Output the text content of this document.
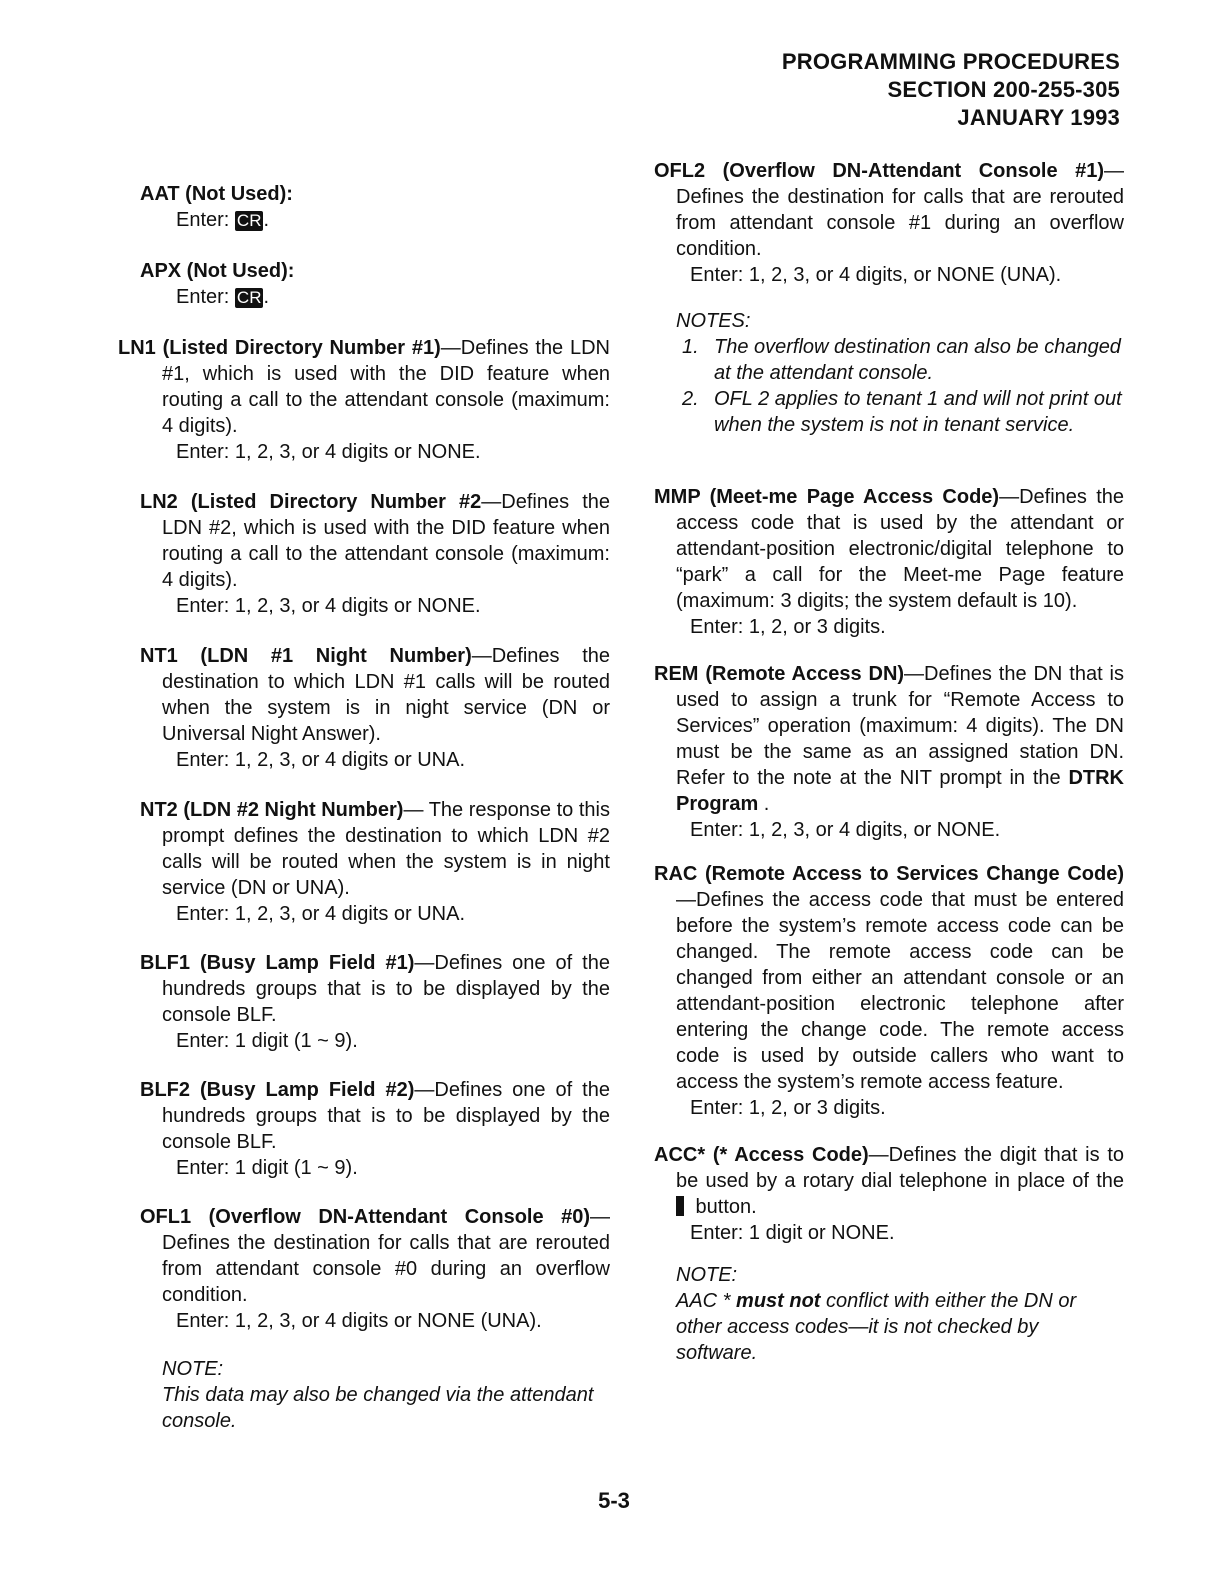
PROGRAMMING PROCEDURES
SECTION 200-255-305
JANUARY 1993
AAT (Not Used):
Enter: CR .
APX (Not Used):
Enter: CR .

LN1 (Listed Directory Number #1)—Defines the LDN #1, which is used with the DID feature when routing a call to the attendant console (maximum: 4 digits).

Enter: 1, 2, 3, or 4 digits or NONE.

LN2 (Listed Directory Number #2—Defines the LDN #2, which is used with the DID feature when routing a call to the attendant console (maximum: 4 digits).

Enter: 1, 2, 3, or 4 digits or NONE.

NT1 (LDN #1 Night Number)—Defines the destination to which LDN #1 calls will be routed when the system is in night service (DN or Universal Night Answer).

Enter: 1, 2, 3, or 4 digits or UNA.

NT2 (LDN #2 Night Number)— The response to this prompt defines the destination to which LDN #2 calls will be routed when the system is in night service (DN or UNA).

Enter: 1, 2, 3, or 4 digits or UNA.

BLF1 (Busy Lamp Field #1)—Defines one of the hundreds groups that is to be displayed by the console BLF.

Enter: 1 digit (1 ~ 9).

BLF2 (Busy Lamp Field #2)—Defines one of the hundreds groups that is to be displayed by the console BLF.

Enter: 1 digit (1 ~ 9).

OFL1 (Overflow DN-Attendant Console #0)— Defines the destination for calls that are rerouted from attendant console #0 during an overflow condition.

Enter: 1, 2, 3, or 4 digits or NONE (UNA).
NOTE:
This data may also be changed via the attendant console.

OFL2 (Overflow DN-Attendant Console #1)— Defines the destination for calls that are rerouted from attendant console #1 during an overflow condition.

Enter: 1, 2, 3, or 4 digits, or NONE (UNA).
NOTES:
1. The overflow destination can also be changed at the attendant console.
2. OFL 2 applies to tenant 1 and will not print out when the system is not in tenant service.

MMP (Meet-me Page Access Code)—Defines the access code that is used by the attendant or attendant-position electronic/digital telephone to “park” a call for the Meet-me Page feature (maximum: 3 digits; the system default is 10).

Enter: 1, 2, or 3 digits.

REM (Remote Access DN)—Defines the DN that is used to assign a trunk for “Remote Access to Services” operation (maximum: 4 digits). The DN must be the same as an assigned station DN. Refer to the note at the NIT prompt in the DTRK Program .

Enter: 1, 2, 3, or 4 digits, or NONE.

RAC (Remote Access to Services Change Code)—Defines the access code that must be entered before the system’s remote access code can be changed. The remote access code can be changed from either an attendant console or an attendant-position electronic telephone after entering the change code. The remote access code is used by outside callers who want to access the system’s remote access feature.

Enter: 1, 2, or 3 digits.

ACC* (* Access Code)—Defines the digit that is to be used by a rotary dial telephone in place of the  button.

Enter: 1 digit or NONE.
NOTE:
AAC * must not conflict with either the DN or other access codes—it is not checked by software.
5-3
